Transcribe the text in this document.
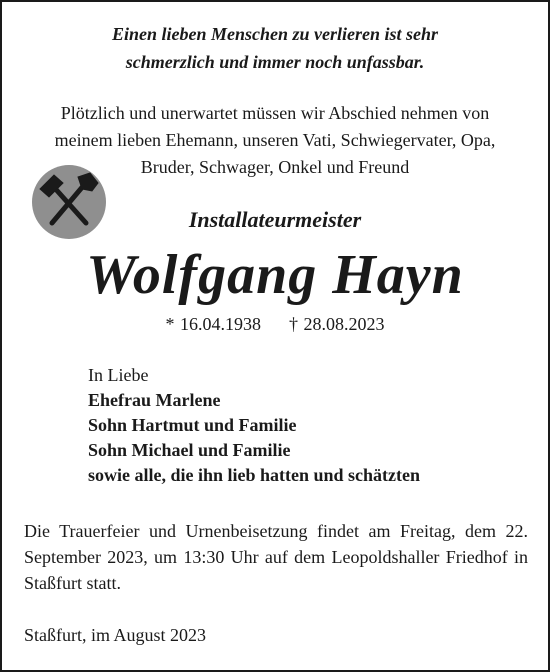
Einen lieben Menschen zu verlieren ist sehr
schmerzlich und immer noch unfassbar.
Plötzlich und unerwartet müssen wir Abschied nehmen von
meinem lieben Ehemann, unseren Vati, Schwiegervater, Opa,
Bruder, Schwager, Onkel und Freund
Installateurmeister
Wolfgang Hayn
* 16.04.1938 † 28.08.2023
In Liebe
Ehefrau Marlene
Sohn Hartmut und Familie
Sohn Michael und Familie
sowie alle, die ihn lieb hatten und schätzten
Die Trauerfeier und Urnenbeisetzung findet am Freitag, dem 22. September 2023, um 13:30 Uhr auf dem Leopoldshaller Friedhof in Staßfurt statt.
Staßfurt, im August 2023
